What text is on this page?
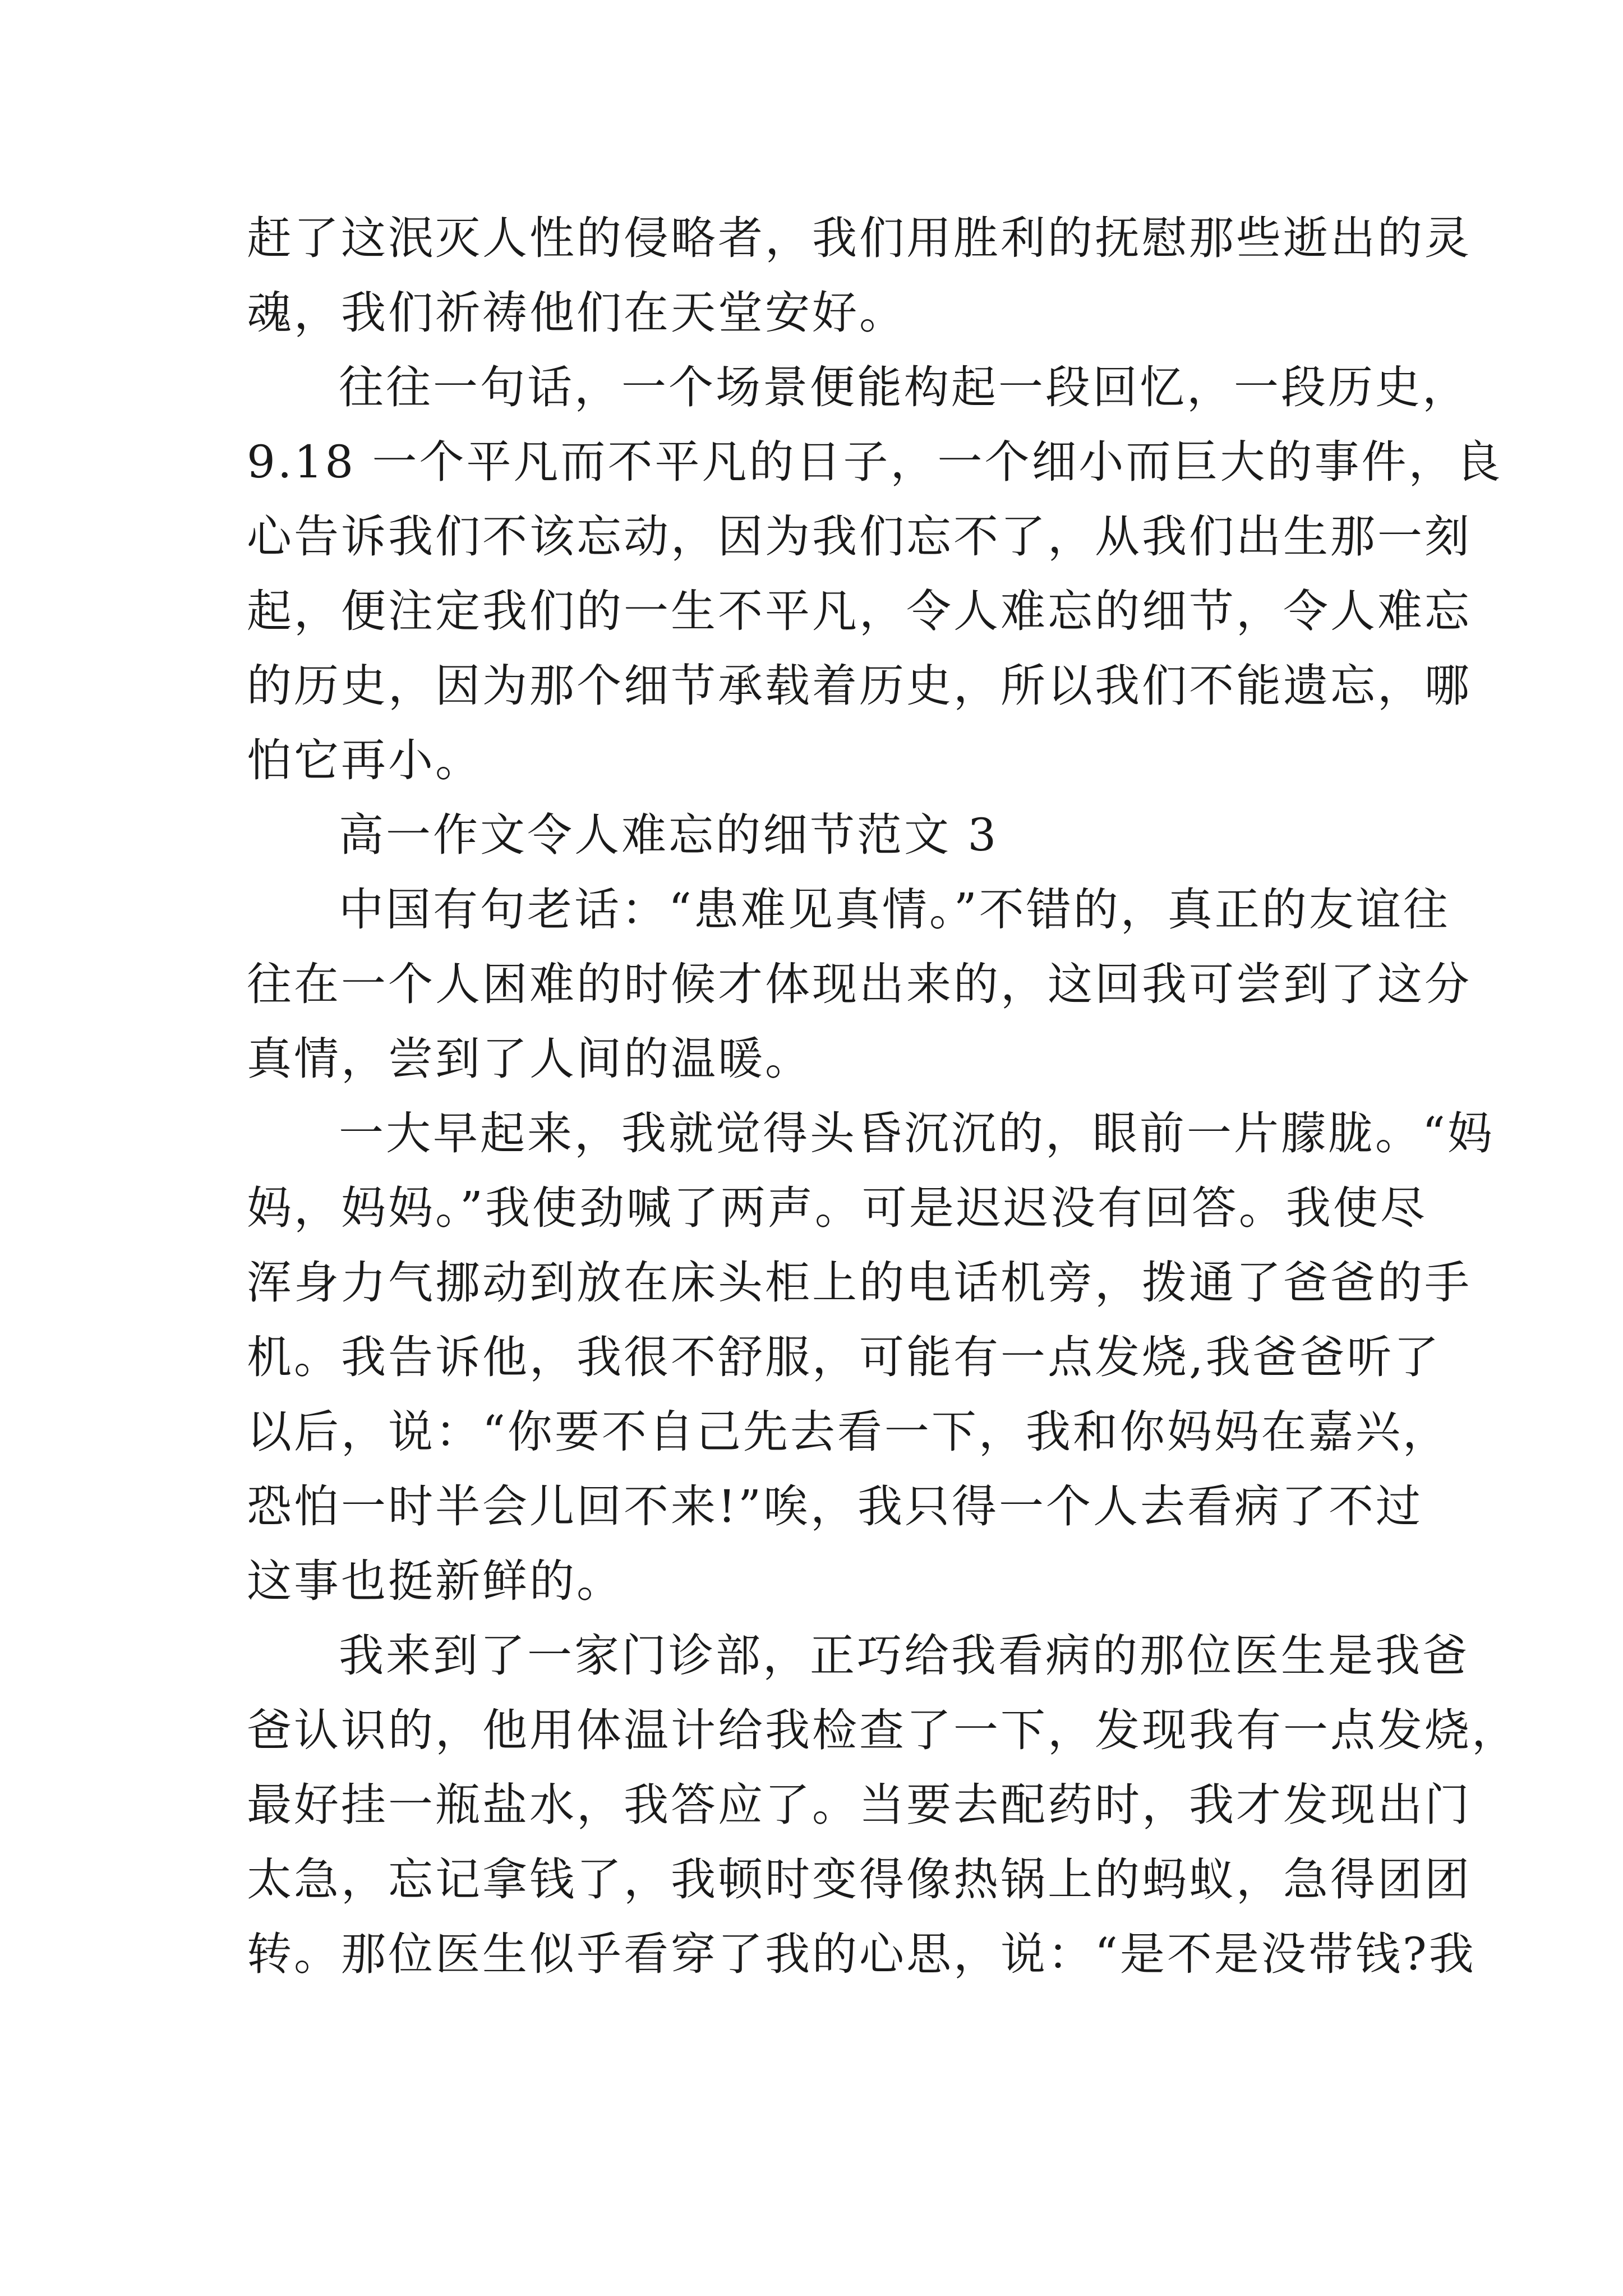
赶了这泯灭人性的侵略者，我们用胜利的抚慰那些逝出的灵
魂，我们祈祷他们在天堂安好。
往往一句话，一个场景便能构起一段回忆，一段历史，
9.18 一个平凡而不平凡的日子，一个细小而巨大的事件，良
心告诉我们不该忘动，因为我们忘不了，从我们出生那一刻
起，便注定我们的一生不平凡，令人难忘的细节，令人难忘
的历史，因为那个细节承载着历史，所以我们不能遗忘，哪
怕它再小。
高一作文令人难忘的细节范文 3
中国有句老话：“患难见真情。”不错的，真正的友谊往
往在一个人困难的时候才体现出来的，这回我可尝到了这分
真情，尝到了人间的温暖。
一大早起来，我就觉得头昏沉沉的，眼前一片朦胧。“妈
妈，妈妈。”我使劲喊了两声。可是迟迟没有回答。我使尽
浑身力气挪动到放在床头柜上的电话机旁，拨通了爸爸的手
机。我告诉他，我很不舒服，可能有一点发烧,我爸爸听了
以后，说：“你要不自己先去看一下，我和你妈妈在嘉兴，
恐怕一时半会儿回不来!”唉，我只得一个人去看病了不过
这事也挺新鲜的。
我来到了一家门诊部，正巧给我看病的那位医生是我爸
爸认识的，他用体温计给我检查了一下，发现我有一点发烧，
最好挂一瓶盐水，我答应了。当要去配药时，我才发现出门
太急，忘记拿钱了，我顿时变得像热锅上的蚂蚁，急得团团
转。那位医生似乎看穿了我的心思，说：“是不是没带钱?我
